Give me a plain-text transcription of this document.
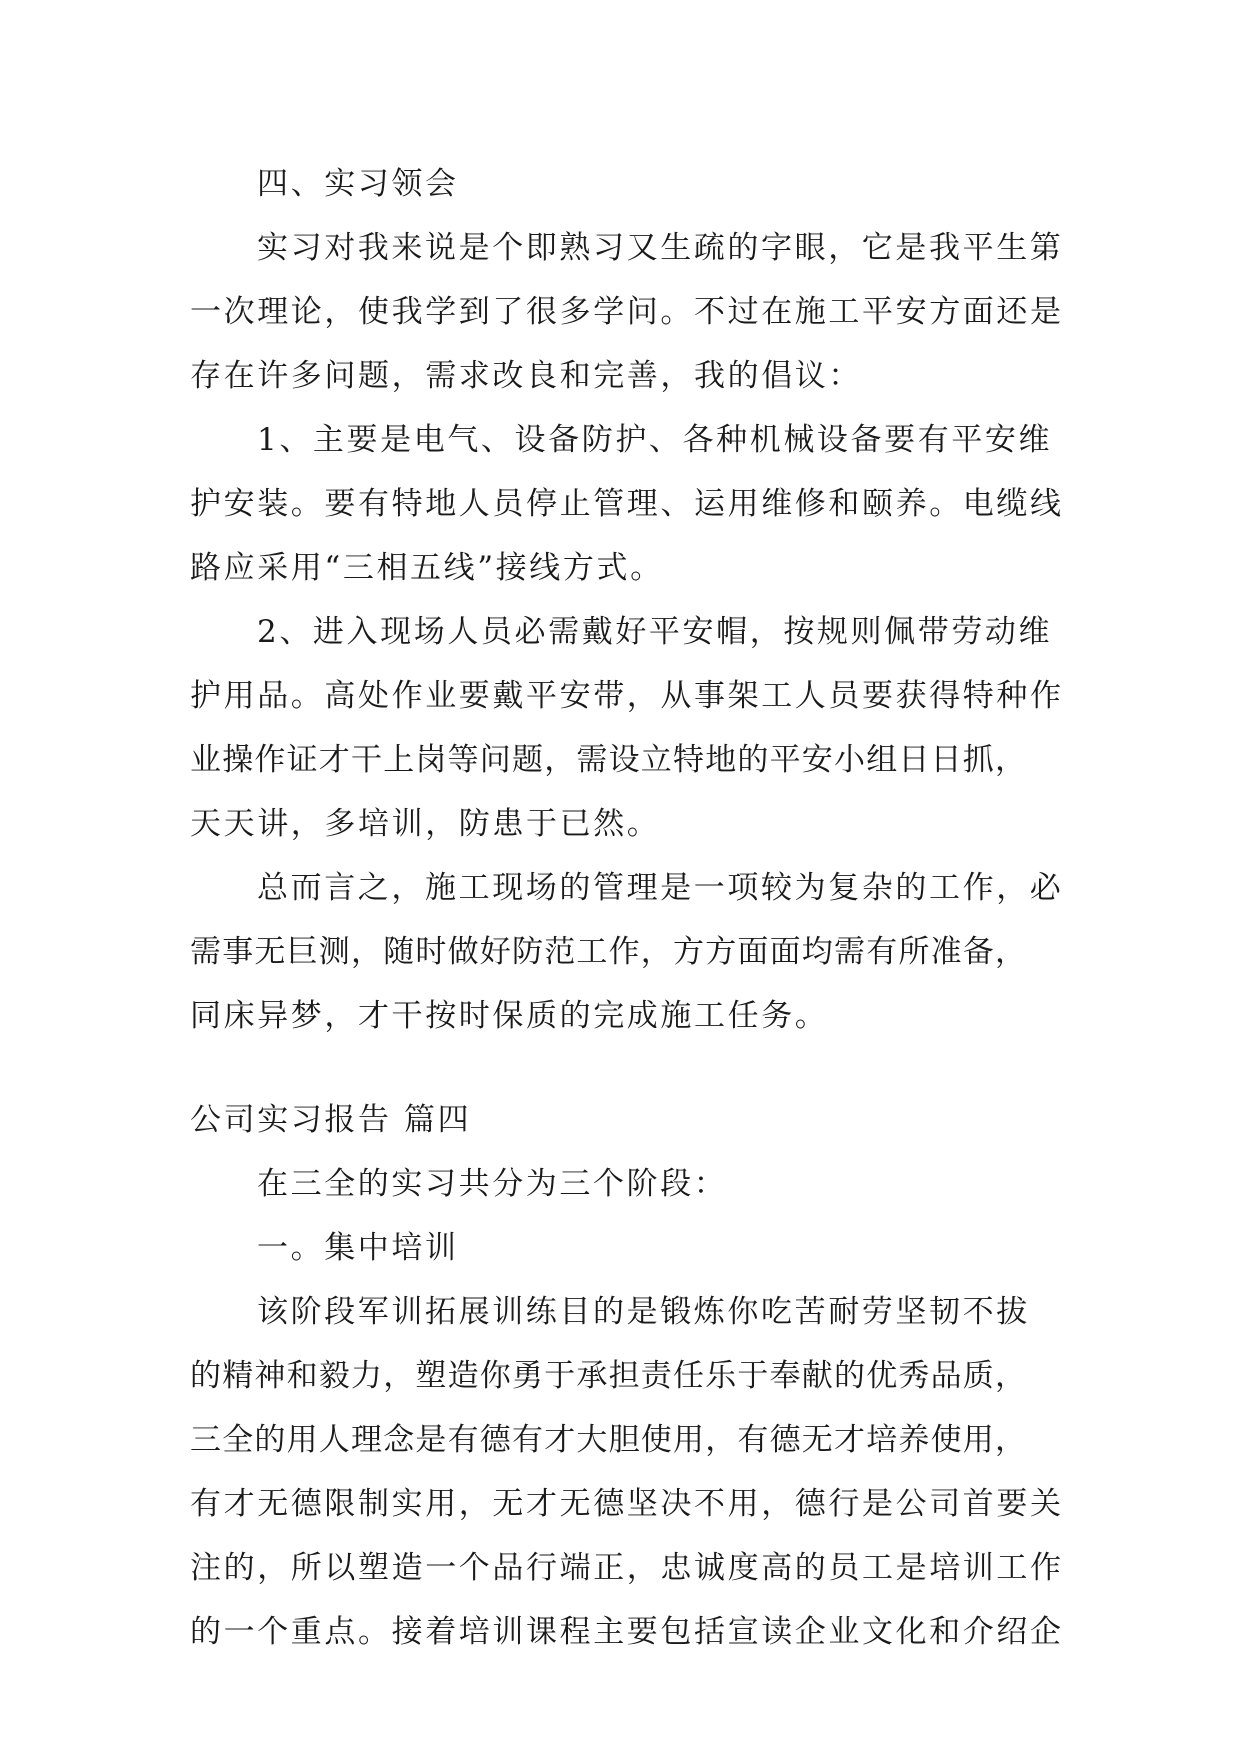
四、实习领会
实习对我来说是个即熟习又生疏的字眼，它是我平生第
一次理论，使我学到了很多学问。不过在施工平安方面还是
存在许多问题，需求改良和完善，我的倡议：
1、主要是电气、设备防护、各种机械设备要有平安维
护安装。要有特地人员停止管理、运用维修和颐养。电缆线
路应采用“三相五线”接线方式。
2、进入现场人员必需戴好平安帽，按规则佩带劳动维
护用品。高处作业要戴平安带，从事架工人员要获得特种作
业操作证才干上岗等问题，需设立特地的平安小组日日抓，
天天讲，多培训，防患于已然。
总而言之，施工现场的管理是一项较为复杂的工作，必
需事无巨测，随时做好防范工作，方方面面均需有所准备，
同床异梦，才干按时保质的完成施工任务。
公司实习报告 篇四
在三全的实习共分为三个阶段：
一。集中培训
该阶段军训拓展训练目的是锻炼你吃苦耐劳坚韧不拔
的精神和毅力，塑造你勇于承担责任乐于奉献的优秀品质，
三全的用人理念是有德有才大胆使用，有德无才培养使用，
有才无德限制实用，无才无德坚决不用，德行是公司首要关
注的，所以塑造一个品行端正，忠诚度高的员工是培训工作
的一个重点。接着培训课程主要包括宣读企业文化和介绍企
